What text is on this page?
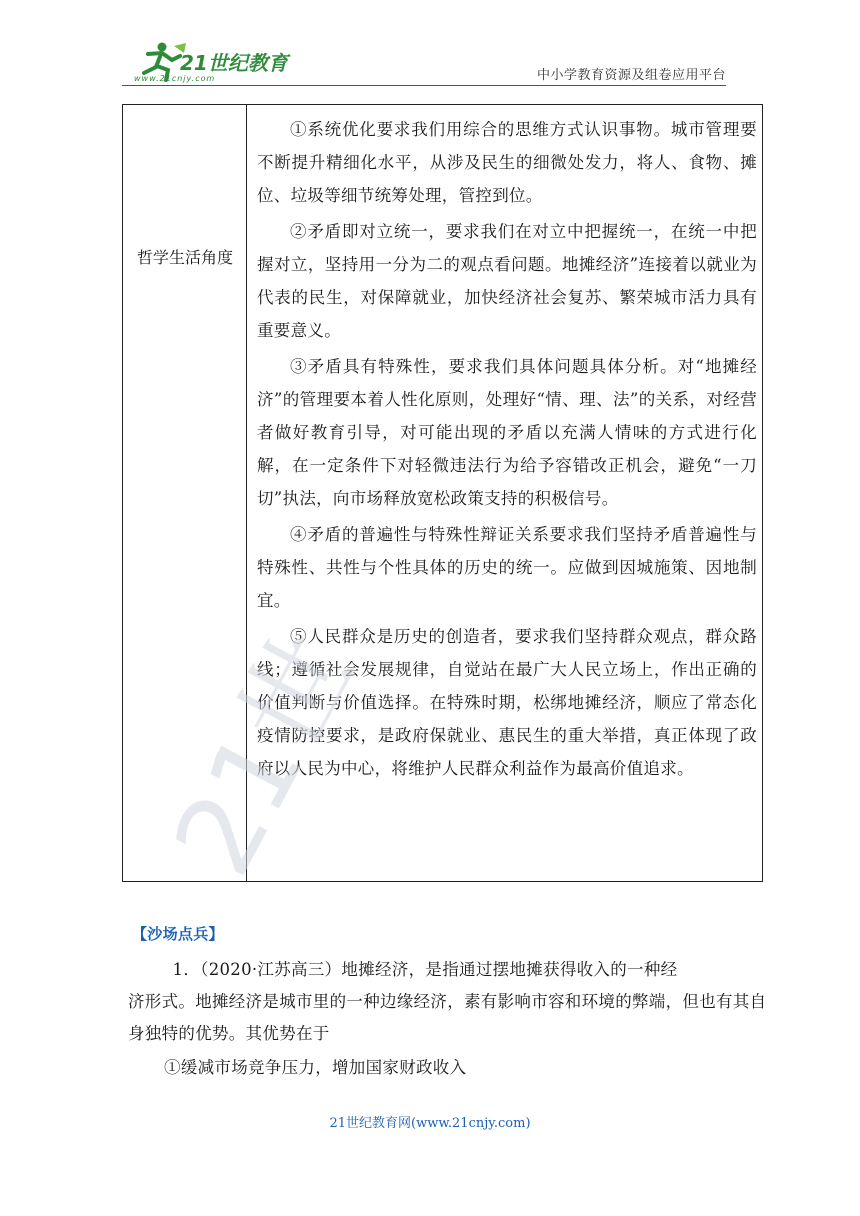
21世纪教育
www.21cnjy.com	中小学教育资源及组卷应用平台
哲学生活角度

①系统优化要求我们用综合的思维方式认识事物。城市管理要不断提升精细化水平，从涉及民生的细微处发力，将人、食物、摊位、垃圾等细节统筹处理，管控到位。

②矛盾即对立统一，要求我们在对立中把握统一，在统一中把握对立，坚持用一分为二的观点看问题。地摊经济”连接着以就业为代表的民生，对保障就业，加快经济社会复苏、繁荣城市活力具有重要意义。

③矛盾具有特殊性，要求我们具体问题具体分析。对“地摊经济”的管理要本着人性化原则，处理好“情、理、法”的关系，对经营者做好教育引导，对可能出现的矛盾以充满人情味的方式进行化解，在一定条件下对轻微违法行为给予容错改正机会，避免“一刀切”执法，向市场释放宽松政策支持的积极信号。

④矛盾的普遍性与特殊性辩证关系要求我们坚持矛盾普遍性与特殊性、共性与个性具体的历史的统一。应做到因城施策、因地制宜。

⑤人民群众是历史的创造者，要求我们坚持群众观点，群众路线；遵循社会发展规律，自觉站在最广大人民立场上，作出正确的价值判断与价值选择。在特殊时期，松绑地摊经济，顺应了常态化疫情防控要求，是政府保就业、惠民生的重大举措，真正体现了政府以人民为中心，将维护人民群众利益作为最高价值追求。

21世
【沙场点兵】
1．（2020·江苏高三）地摊经济，是指通过摆地摊获得收入的一种经
济形式。地摊经济是城市里的一种边缘经济，素有影响市容和环境的弊端，但也有其自身独特的优势。其优势在于
①缓减市场竞争压力，增加国家财政收入
21世纪教育网(www.21cnjy.com)
